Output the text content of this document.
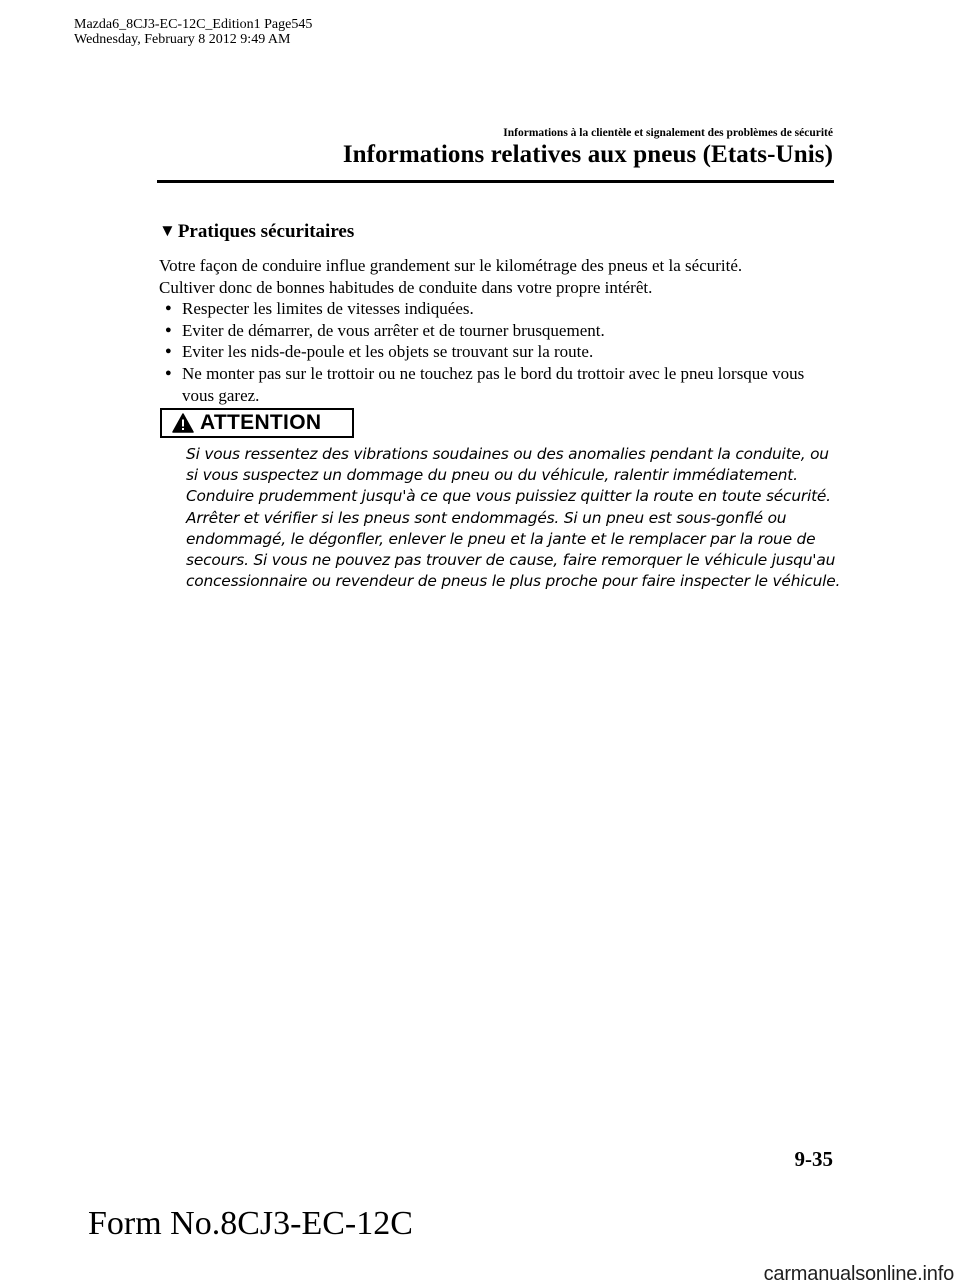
Mazda6_8CJ3-EC-12C_Edition1 Page545
Wednesday, February 8 2012 9:49 AM
Informations à la clientèle et signalement des problèmes de sécurité
Informations relatives aux pneus (Etats-Unis)
▼ Pratiques sécuritaires

Votre façon de conduire influe grandement sur le kilométrage des pneus et la sécurité.

Cultiver donc de bonnes habitudes de conduite dans votre propre intérêt.

● Respecter les limites de vitesses indiquées.
● Eviter de démarrer, de vous arrêter et de tourner brusquement.
● Eviter les nids-de-poule et les objets se trouvant sur la route.
● Ne monter pas sur le trottoir ou ne touchez pas le bord du trottoir avec le pneu lorsque vous vous garez.
ATTENTION
Si vous ressentez des vibrations soudaines ou des anomalies pendant la conduite, ou
si vous suspectez un dommage du pneu ou du véhicule, ralentir immédiatement.
Conduire prudemment jusqu'à ce que vous puissiez quitter la route en toute sécurité.
Arrêter et vérifier si les pneus sont endommagés. Si un pneu est sous-gonflé ou
endommagé, le dégonfler, enlever le pneu et la jante et le remplacer par la roue de
secours. Si vous ne pouvez pas trouver de cause, faire remorquer le véhicule jusqu'au
concessionnaire ou revendeur de pneus le plus proche pour faire inspecter le véhicule.
9-35
Form No.8CJ3-EC-12C
carmanualsonline.info
